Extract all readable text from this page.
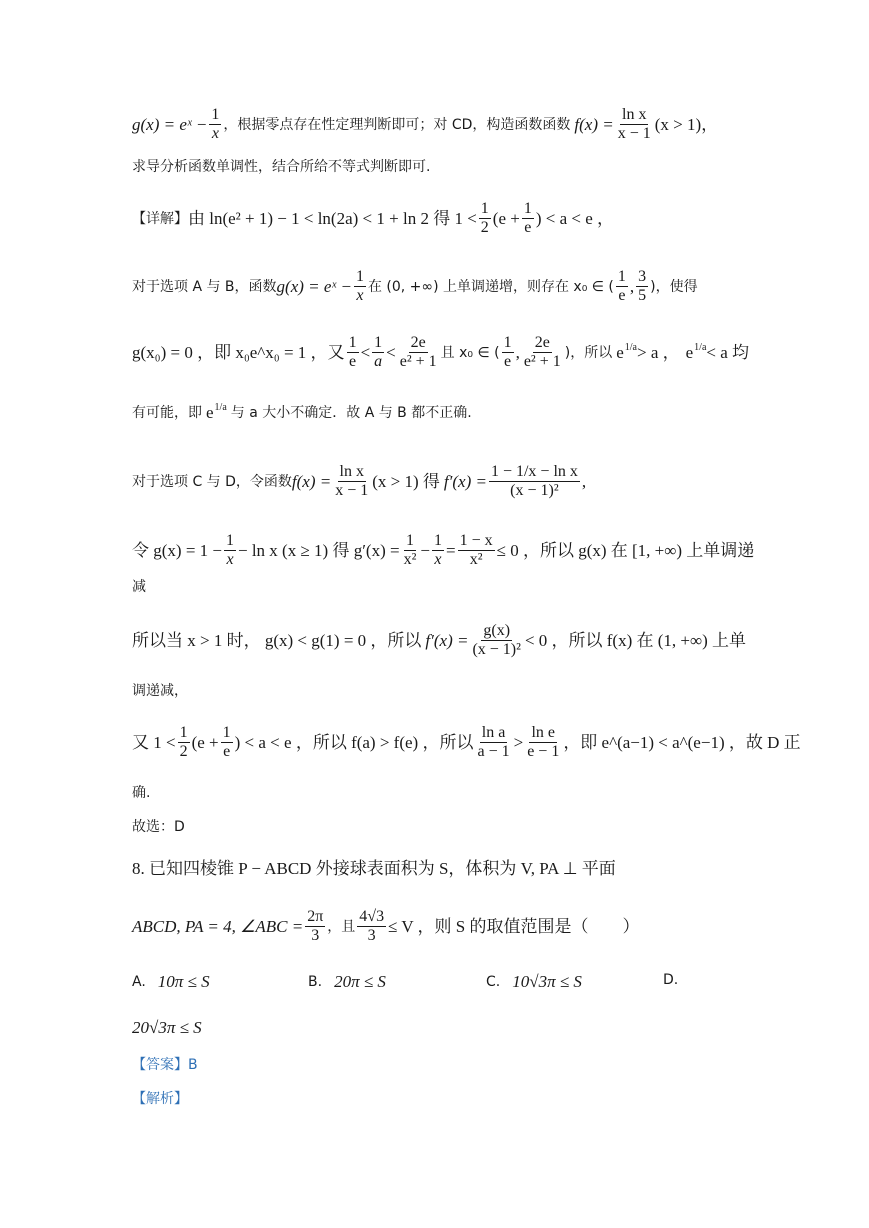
g(x) = eˣ − $\frac{1}{x}$ ，根据零点存在性定理判断即可；对 CD，构造函数函数 $f(x) = \frac{\text{ln x}}{x - 1} (x > 1)$，
求导分析函数单调性，结合所给不等式判断即可.
【详解】 由 ln(e² + 1) − 1 < ln(2a) < 1 + ln 2 得 $1 < \frac{1}{2} (e + \frac{1}{e}$ ) < a < e ，
对于选项 A 与 B，函数 g(x) = eˣ − $\frac{1}{x}$ 在 (0, +∞) 上单调递增，则存在 x₀ ∈ ( $\frac{1}{e}$ , $\frac{3}{5}$ )，使得
g(x₀) = 0 ，即 x₀e^x₀ = 1 ，又 $\frac{1}{e} < \frac{1}{a} < \frac{2e}{\text{e² + 1}}$ 且 x₀ ∈ ( $\frac{1}{e}$ , $\frac{2e}{\text{e² + 1}}$ )，所以 $e^{1/a} > a$ ， $e^{1/a} < a$ 均
有可能，即 $e^{1/a}$ 与 a 大小不确定．故 A 与 B 都不正确.
对于选项 C 与 D，令函数 $f(x) = \frac{\text{ln x}}{x - 1} (x > 1)$ 得 $f'(x) = \frac{\text{1 − 1/x − ln x}}{\text{(x − 1)²}}$ ,
令 $g(x) = 1 - \frac{1}{x} - \ln x$ (x ≥ 1) 得 $g'(x) = \frac{1}{\text{x²}} - \frac{1}{x} = \frac{1 - x}{\text{x²}} \le 0$ ，所以 g(x) 在 [1, +∞) 上单调递
减
所以当 x > 1 时， g(x) < g(1) = 0 ，所以 $f'(x) = \frac{g(x)}{\text{(x − 1)²}} < 0$ ，所以 f(x) 在 (1, +∞) 上单
调递减，
又 $1 < \frac{1}{2} (e + \frac{1}{e}$ ) < a < e ，所以 f(a) > f(e) ，所以 $\frac{\text{ln a}}{a - 1} > \frac{\text{ln e}}{e - 1}$ ，即 e^(a−1) < a^(e−1) ，故 D 正
确.
故选：D
8. 已知四棱锥 P − ABCD 外接球表面积为 S，体积为 V, PA ⊥ 平面
ABCD, PA = 4, ∠ABC = $\frac{2\pi}{3}$ ，且 $\frac{4√3}{3} \le V$ ，则 S 的取值范围是（　　）
A. 10π ≤ S	B. 20π ≤ S	C. 10√3π ≤ S	D.
20√3π ≤ S
【答案】B
【解析】
